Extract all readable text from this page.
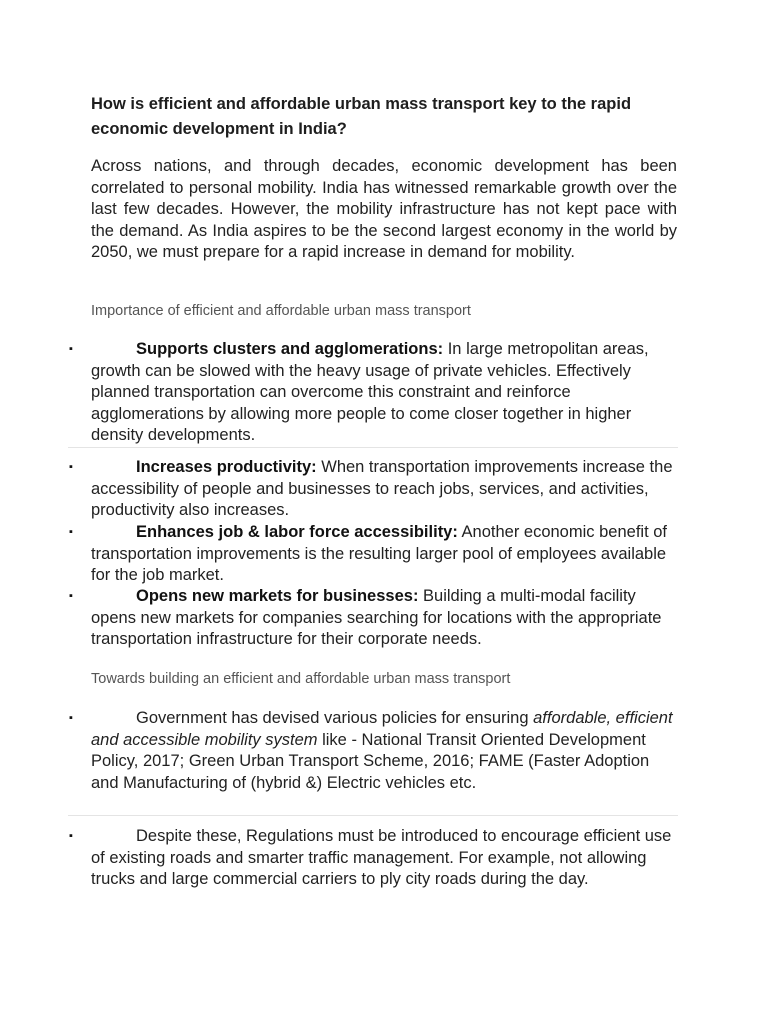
How is efficient and affordable urban mass transport key to the rapid economic development in India?
Across nations, and through decades, economic development has been correlated to personal mobility. India has witnessed remarkable growth over the last few decades. However, the mobility infrastructure has not kept pace with the demand. As India aspires to be the second largest economy in the world by 2050, we must prepare for a rapid increase in demand for mobility.
Importance of efficient and affordable urban mass transport
▪	Supports clusters and agglomerations: In large metropolitan areas, growth can be slowed with the heavy usage of private vehicles. Effectively planned transportation can overcome this constraint and reinforce agglomerations by allowing more people to come closer together in higher density developments.
▪	Increases productivity: When transportation improvements increase the accessibility of people and businesses to reach jobs, services, and activities, productivity also increases.
▪	Enhances job & labor force accessibility: Another economic benefit of transportation improvements is the resulting larger pool of employees available for the job market.
▪	Opens new markets for businesses: Building a multi-modal facility opens new markets for companies searching for locations with the appropriate transportation infrastructure for their corporate needs.
Towards building an efficient and affordable urban mass transport
▪	Government has devised various policies for ensuring affordable, efficient and accessible mobility system like - National Transit Oriented Development Policy, 2017; Green Urban Transport Scheme, 2016; FAME (Faster Adoption and Manufacturing of (hybrid &) Electric vehicles etc.
▪	Despite these, Regulations must be introduced to encourage efficient use of existing roads and smarter traffic management. For example, not allowing trucks and large commercial carriers to ply city roads during the day.
